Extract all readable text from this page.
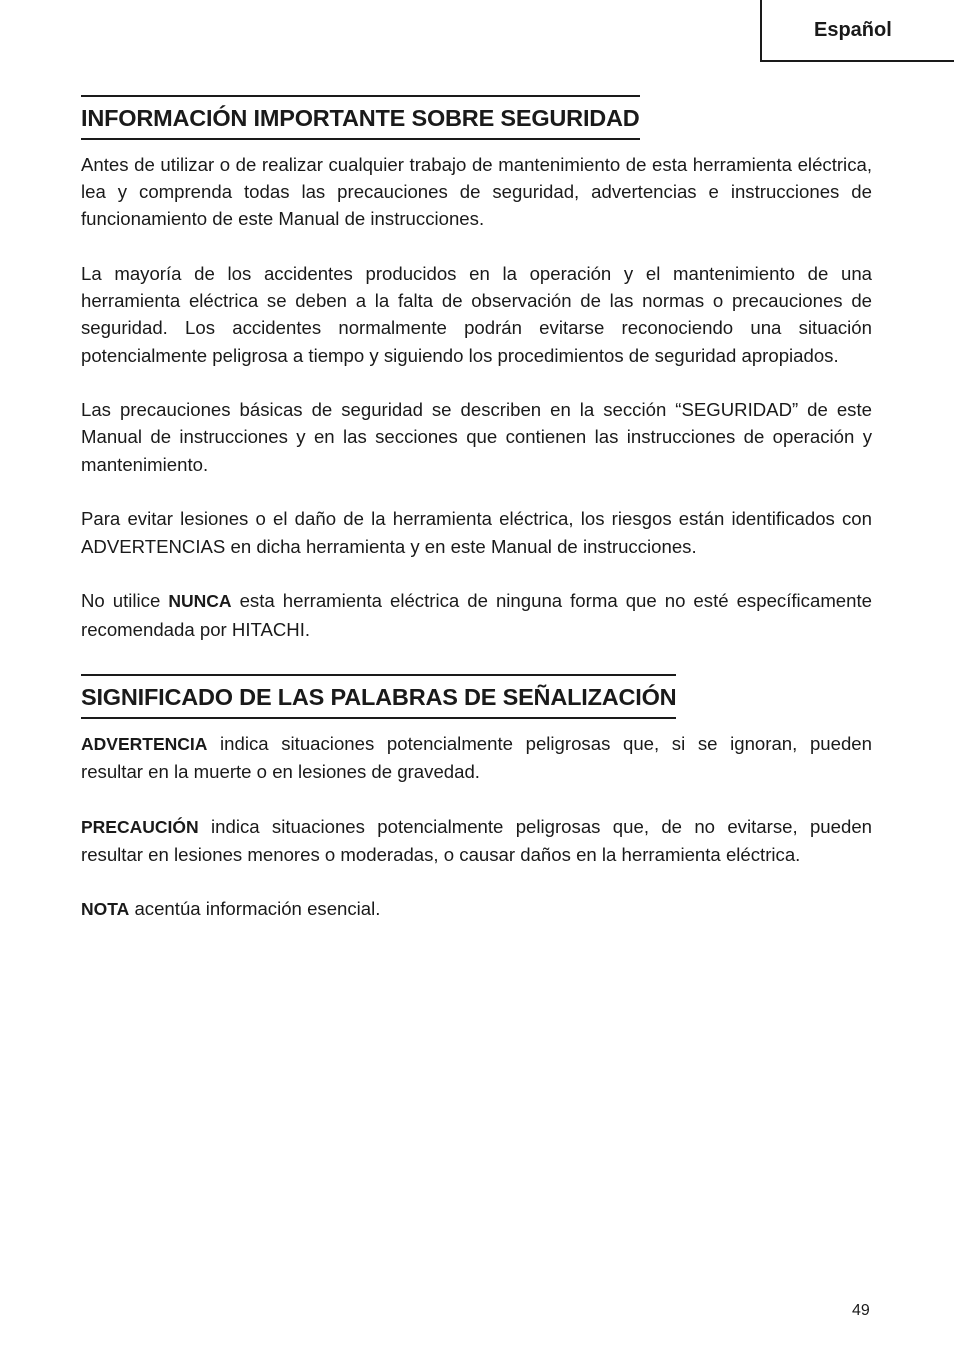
Español
INFORMACIÓN IMPORTANTE SOBRE SEGURIDAD

Antes de utilizar o de realizar cualquier trabajo de mantenimiento de esta herramienta eléctrica, lea y comprenda todas las precauciones de seguridad, advertencias e instrucciones de funcionamiento de este Manual de instrucciones.

La mayoría de los accidentes producidos en la operación y el mantenimiento de una herramienta eléctrica se deben a la falta de observación de las normas o precauciones de seguridad. Los accidentes normalmente podrán evitarse reconociendo una situación potencialmente peligrosa a tiempo y siguiendo los procedimientos de seguridad apropiados.

Las precauciones básicas de seguridad se describen en la sección “SEGURIDAD” de este Manual de instrucciones y en las secciones que contienen las instrucciones de operación y mantenimiento.

Para evitar lesiones o el daño de la herramienta eléctrica, los riesgos están identificados con ADVERTENCIAS en dicha herramienta y en este Manual de instrucciones.

No utilice NUNCA esta herramienta eléctrica de ninguna forma que no esté específicamente recomendada por HITACHI.

SIGNIFICADO DE LAS PALABRAS DE SEÑALIZACIÓN

ADVERTENCIA indica situaciones potencialmente peligrosas que, si se ignoran, pueden resultar en la muerte o en lesiones de gravedad.

PRECAUCIÓN indica situaciones potencialmente peligrosas que, de no evitarse, pueden resultar en lesiones menores o moderadas, o causar daños en la herramienta eléctrica.

NOTA acentúa información esencial.

49
